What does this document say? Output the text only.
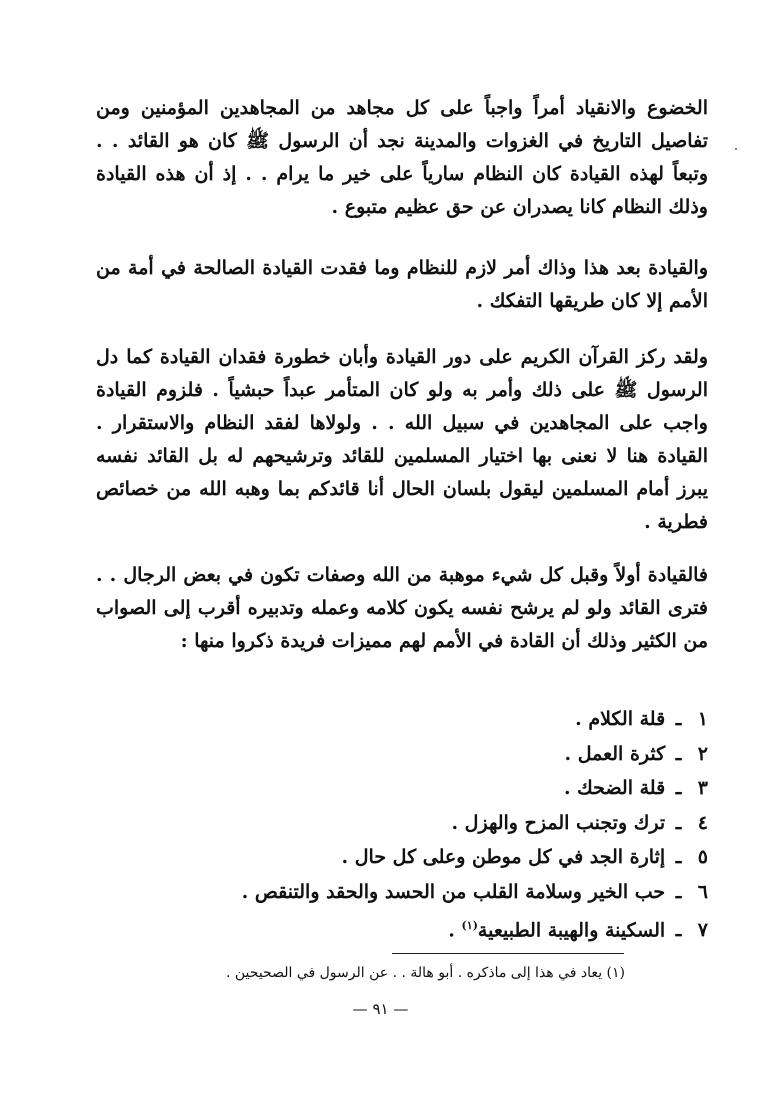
الخضوع والانقياد أمراً واجباً على كل مجاهد من المجاهدين المؤمنين ومن تفاصيل التاريخ في الغزوات والمدينة نجد أن الرسول ﷺ كان هو القائد . . وتبعاً لهذه القيادة كان النظام سارياً على خير ما يرام . . إذ أن هذه القيادة وذلك النظام كانا يصدران عن حق عظيم متبوع .

والقيادة بعد هذا وذاك أمر لازم للنظام وما فقدت القيادة الصالحة في أمة من الأمم إلا كان طريقها التفكك .

ولقد ركز القرآن الكريم على دور القيادة وأبان خطورة فقدان القيادة كما دل الرسول ﷺ على ذلك وأمر به ولو كان المتأمر عبداً حبشياً . فلزوم القيادة واجب على المجاهدين في سبيل الله . . ولولاها لفقد النظام والاستقرار . القيادة هنا لا نعنى بها اختيار المسلمين للقائد وترشيحهم له بل القائد نفسه يبرز أمام المسلمين ليقول بلسان الحال أنا قائدكم بما وهبه الله من خصائص فطرية .

فالقيادة أولاً وقبل كل شيء موهبة من الله وصفات تكون في بعض الرجال . . فترى القائد ولو لم يرشح نفسه يكون كلامه وعمله وتدبيره أقرب إلى الصواب من الكثير وذلك أن القادة في الأمم لهم مميزات فريدة ذكروا منها :

١ ـ قلة الكلام .
٢ ـ كثرة العمل .
٣ ـ قلة الضحك .
٤ ـ ترك وتجنب المزح والهزل .
٥ ـ إثارة الجد في كل موطن وعلى كل حال .
٦ ـ حب الخير وسلامة القلب من الحسد والحقد والتنقص .
٧ ـ السكينة والهيبة الطبيعية$^{(١)}$ .
(١) يعاد في هذا إلى ماذكره . أبو هالة . . عن الرسول في الصحيحين .
— ٩١ —
